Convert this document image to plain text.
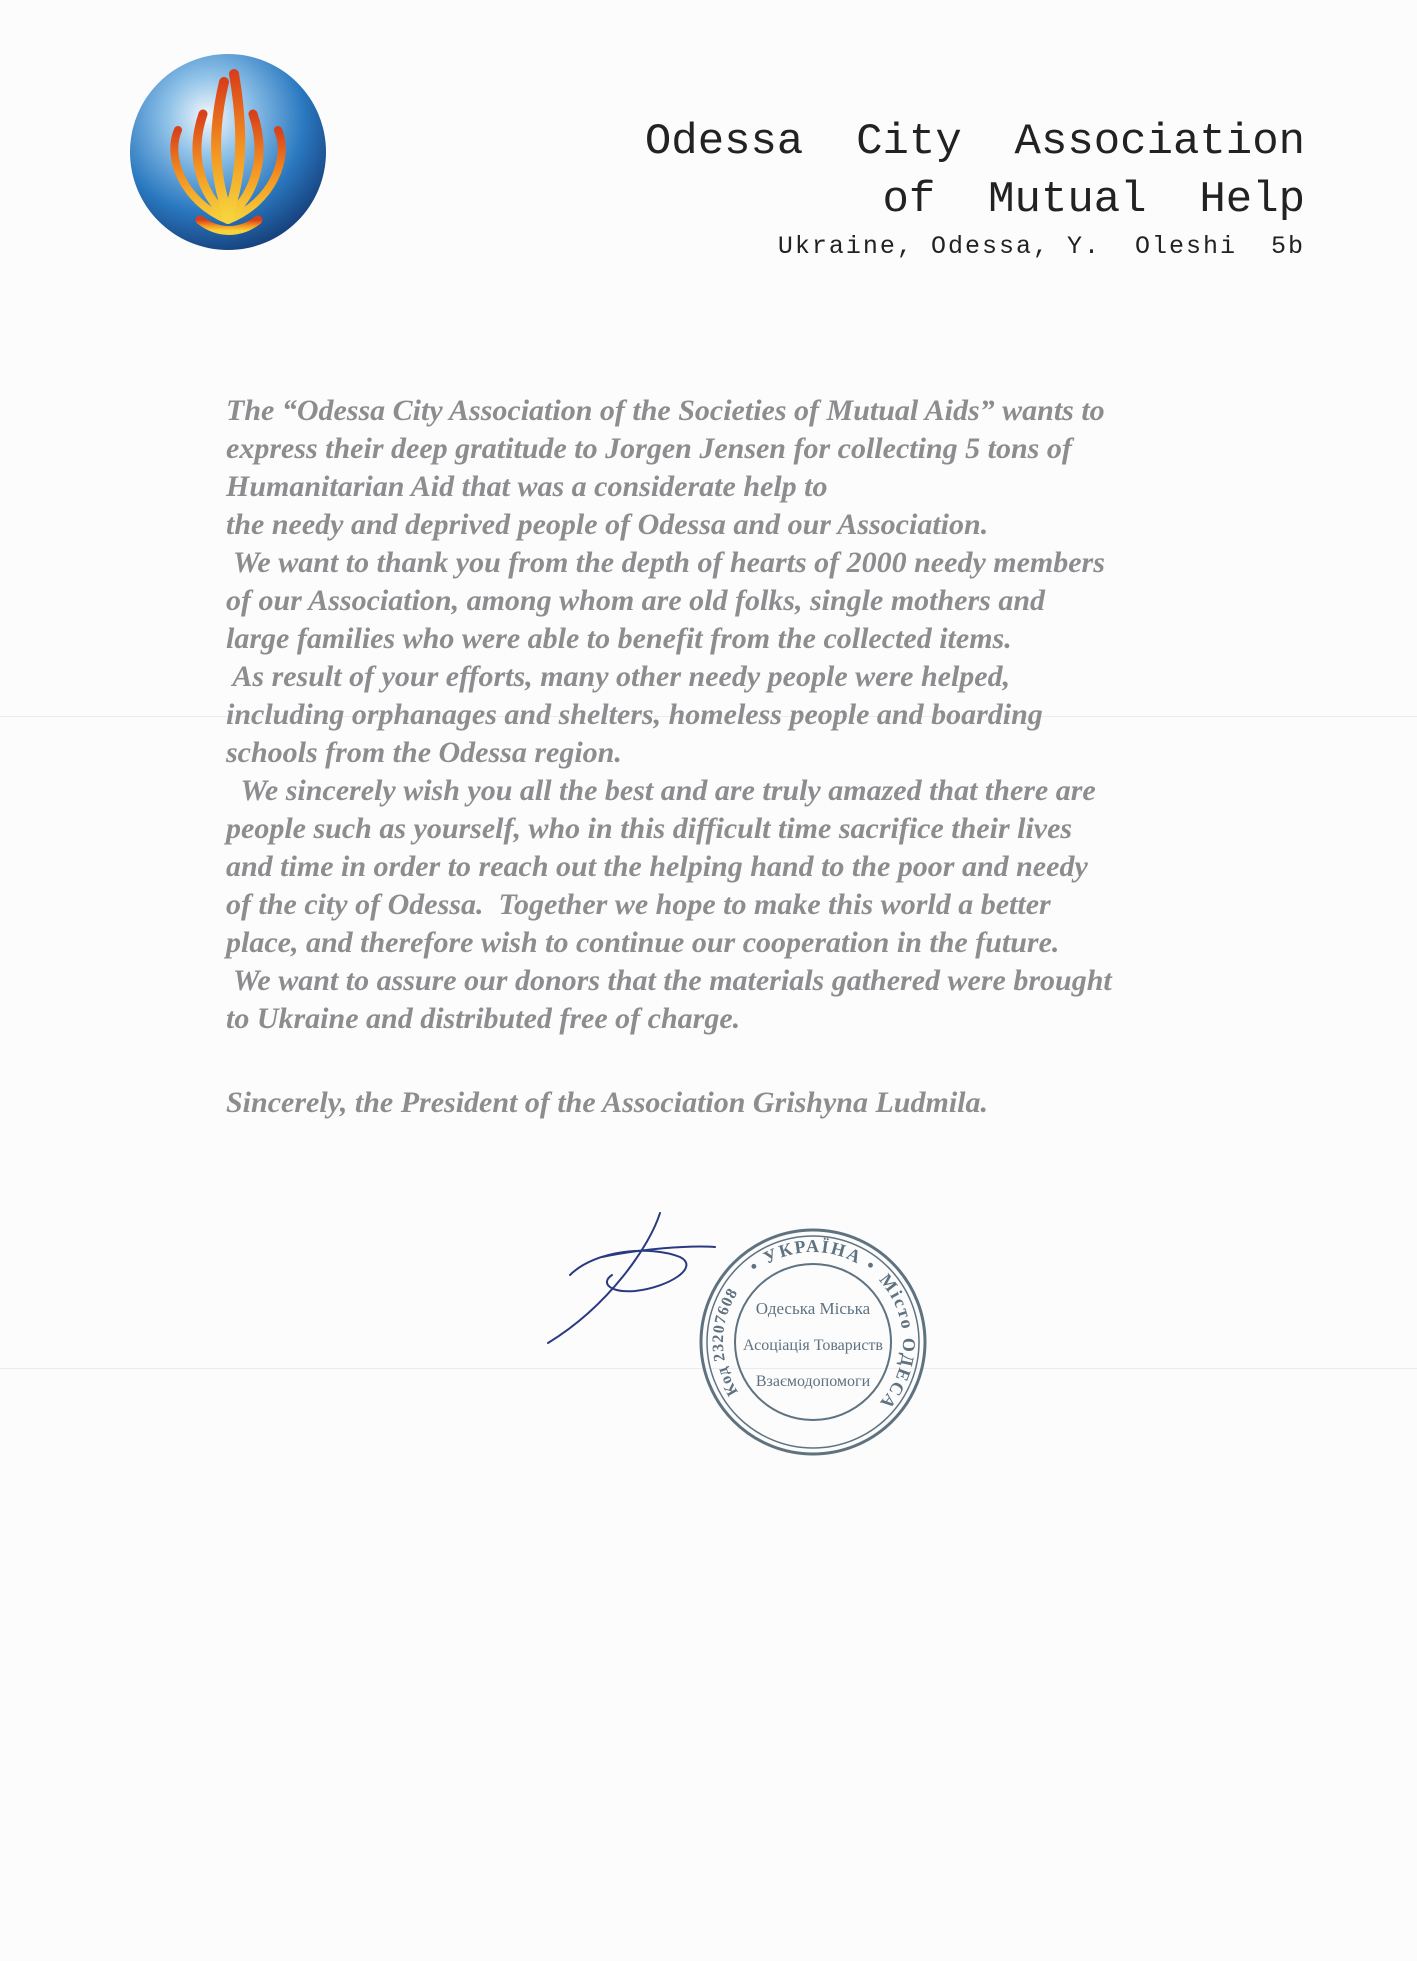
Odessa  City  Association
of  Mutual  Help
Ukraine, Odessa, Y.  Oleshi  5b

The “Odessa City Association of the Societies of Mutual Aids” wants to

express their deep gratitude to Jorgen Jensen for collecting 5 tons of

Humanitarian Aid that was a considerate help to

the needy and deprived people of Odessa and our Association.

We want to thank you from the depth of hearts of 2000 needy members

of our Association, among whom are old folks, single mothers and

large families who were able to benefit from the collected items.

As result of your efforts, many other needy people were helped,

including orphanages and shelters, homeless people and boarding

schools from the Odessa region.

We sincerely wish you all the best and are truly amazed that there are

people such as yourself, who in this difficult time sacrifice their lives

and time in order to reach out the helping hand to the poor and needy

of the city of Odessa.  Together we hope to make this world a better

place, and therefore wish to continue our cooperation in the future.

We want to assure our donors that the materials gathered were brought

to Ukraine and distributed free of charge.

Sincerely, the President of the Association Grishyna Ludmila.
• УКРАЇНА •
Місто ОДЕСА
Код 23207608
Одеська Міська
Асоціація Товариств
Взаємодопомоги
